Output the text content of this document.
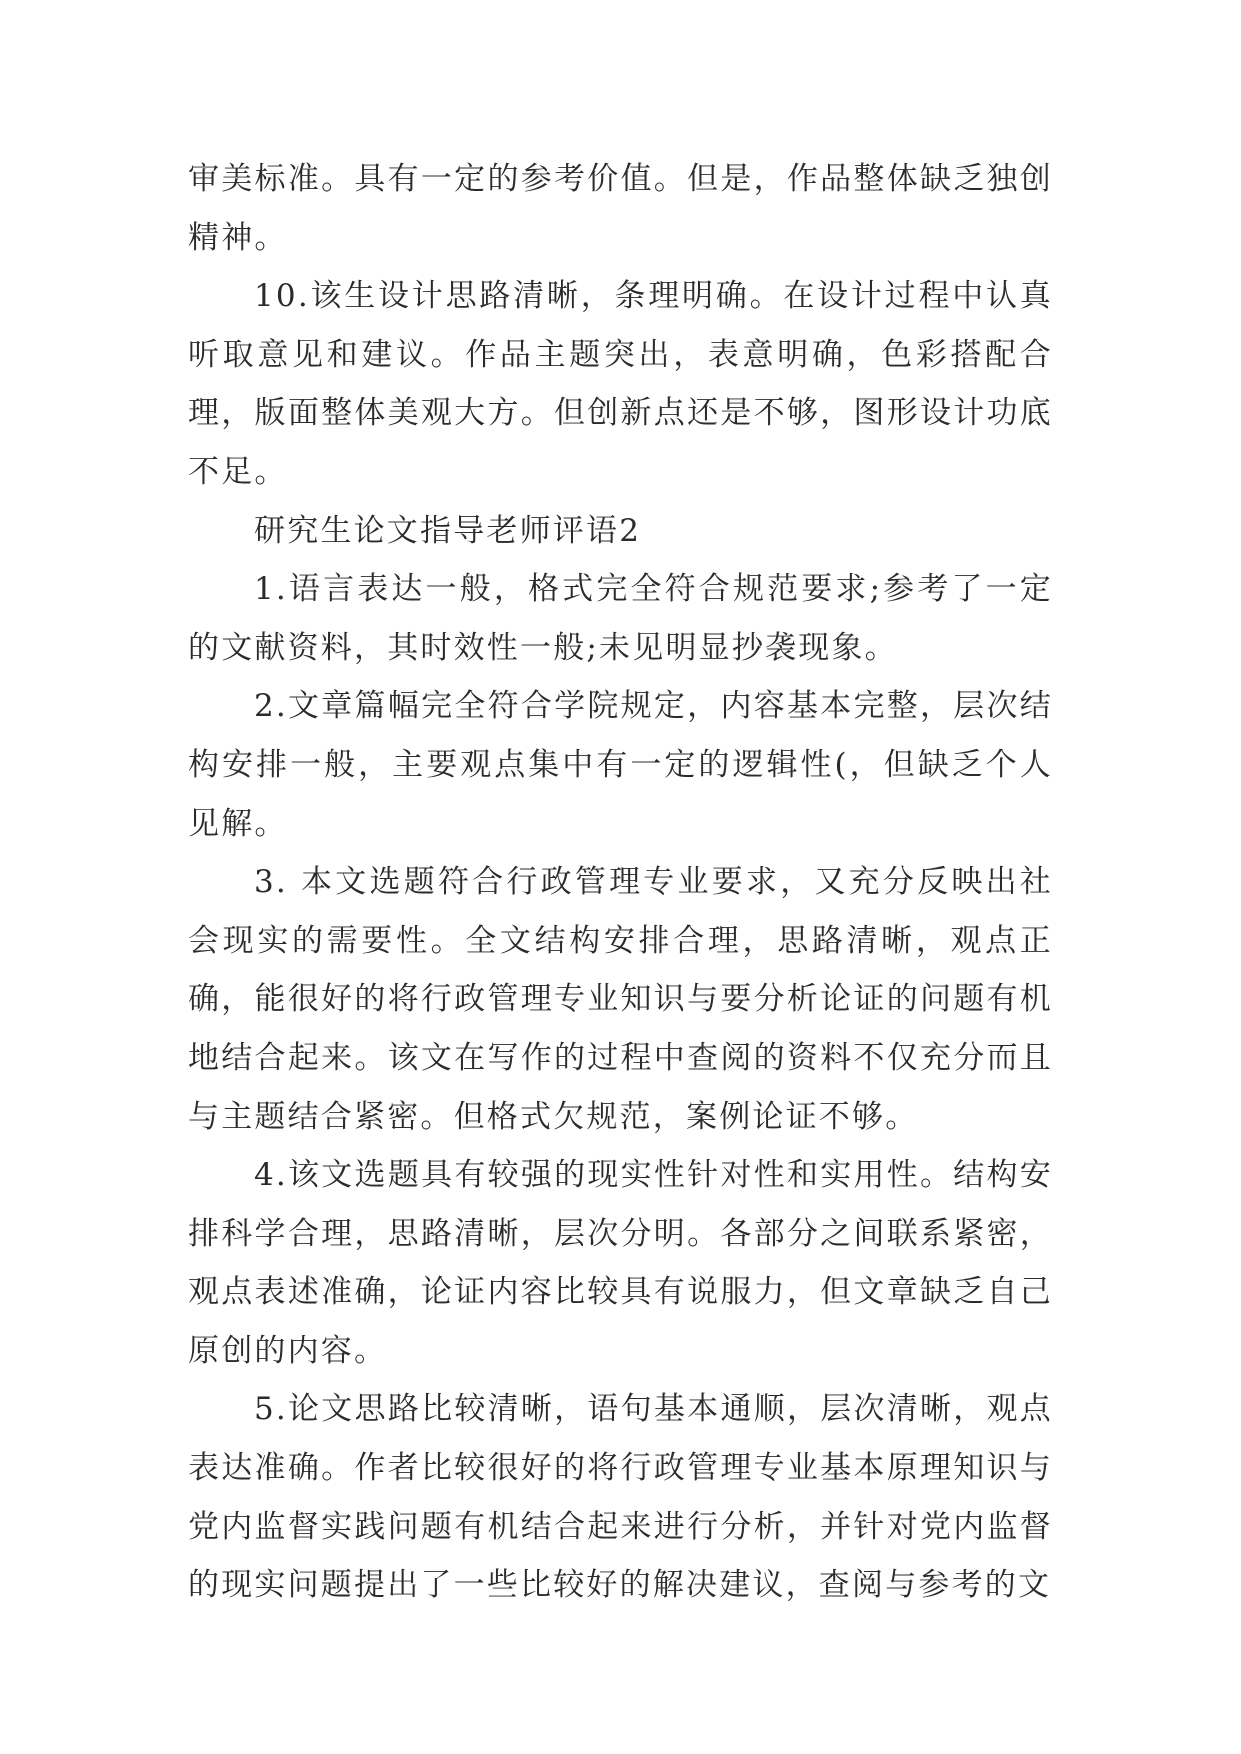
审美标准。具有一定的参考价值。但是，作品整体缺乏独创精神。

10.该生设计思路清晰，条理明确。在设计过程中认真听取意见和建议。作品主题突出，表意明确，色彩搭配合理，版面整体美观大方。但创新点还是不够，图形设计功底不足。

研究生论文指导老师评语2

1.语言表达一般，格式完全符合规范要求;参考了一定的文献资料，其时效性一般;未见明显抄袭现象。

2.文章篇幅完全符合学院规定，内容基本完整，层次结构安排一般，主要观点集中有一定的逻辑性(，但缺乏个人见解。

3. 本文选题符合行政管理专业要求，又充分反映出社会现实的需要性。全文结构安排合理，思路清晰，观点正确，能很好的将行政管理专业知识与要分析论证的问题有机地结合起来。该文在写作的过程中查阅的资料不仅充分而且与主题结合紧密。但格式欠规范，案例论证不够。

4.该文选题具有较强的现实性针对性和实用性。结构安排科学合理，思路清晰，层次分明。各部分之间联系紧密，观点表述准确，论证内容比较具有说服力，但文章缺乏自己原创的内容。

5.论文思路比较清晰，语句基本通顺，层次清晰，观点表达准确。作者比较很好的将行政管理专业基本原理知识与党内监督实践问题有机结合起来进行分析，并针对党内监督的现实问题提出了一些比较好的解决建议，查阅与参考的文
